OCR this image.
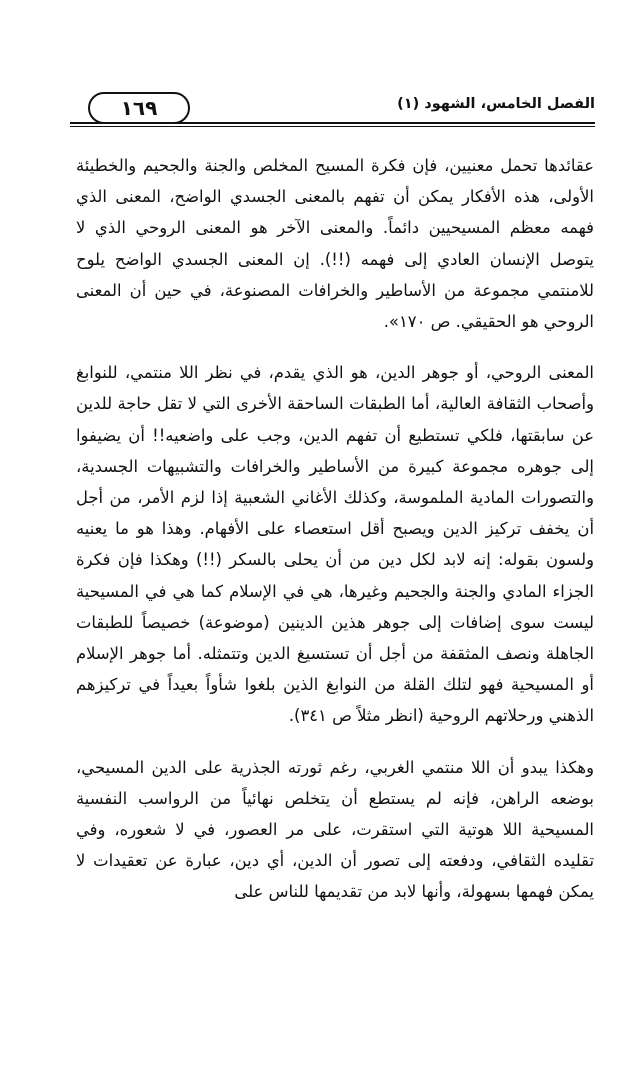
١٦٩	الفصل الخامس، الشهود (١)

عقائدها تحمل معنيين، فإن فكرة المسيح المخلص والجنة والجحيم والخطيئة الأولى، هذه الأفكار يمكن أن تفهم بالمعنى الجسدي الواضح، المعنى الذي فهمه معظم المسيحيين دائماً. والمعنى الآخر هو المعنى الروحي الذي لا يتوصل الإنسان العادي إلى فهمه (!!). إن المعنى الجسدي الواضح يلوح للامنتمي مجموعة من الأساطير والخرافات المصنوعة، في حين أن المعنى الروحي هو الحقيقي. ص ١٧٠».

المعنى الروحي، أو جوهر الدين، هو الذي يقدم، في نظر اللا منتمي، للنوابغ وأصحاب الثقافة العالية، أما الطبقات الساحقة الأخرى التي لا تقل حاجة للدين عن سابقتها، فلكي تستطيع أن تفهم الدين، وجب على واضعيه!! أن يضيفوا إلى جوهره مجموعة كبيرة من الأساطير والخرافات والتشبيهات الجسدية، والتصورات المادية الملموسة، وكذلك الأغاني الشعبية إذا لزم الأمر، من أجل أن يخفف تركيز الدين ويصبح أقل استعصاء على الأفهام. وهذا هو ما يعنيه ولسون بقوله: إنه لابد لكل دين من أن يحلى بالسكر (!!) وهكذا فإن فكرة الجزاء المادي والجنة والجحيم وغيرها، هي في الإسلام كما هي في المسيحية ليست سوى إضافات إلى جوهر هذين الدينين (موضوعة) خصيصاً للطبقات الجاهلة ونصف المثقفة من أجل أن تستسيغ الدين وتتمثله. أما جوهر الإسلام أو المسيحية فهو لتلك القلة من النوابغ الذين بلغوا شأواً بعيداً في تركيزهم الذهني ورحلاتهم الروحية (انظر مثلاً ص ٣٤١).

وهكذا يبدو أن اللا منتمي الغربي، رغم ثورته الجذرية على الدين المسيحي، بوضعه الراهن، فإنه لم يستطع أن يتخلص نهائياً من الرواسب النفسية المسيحية اللا هوتية التي استقرت، على مر العصور، في لا شعوره، وفي تقليده الثقافي، ودفعته إلى تصور أن الدين، أي دين، عبارة عن تعقيدات لا يمكن فهمها بسهولة، وأنها لابد من تقديمها للناس على
